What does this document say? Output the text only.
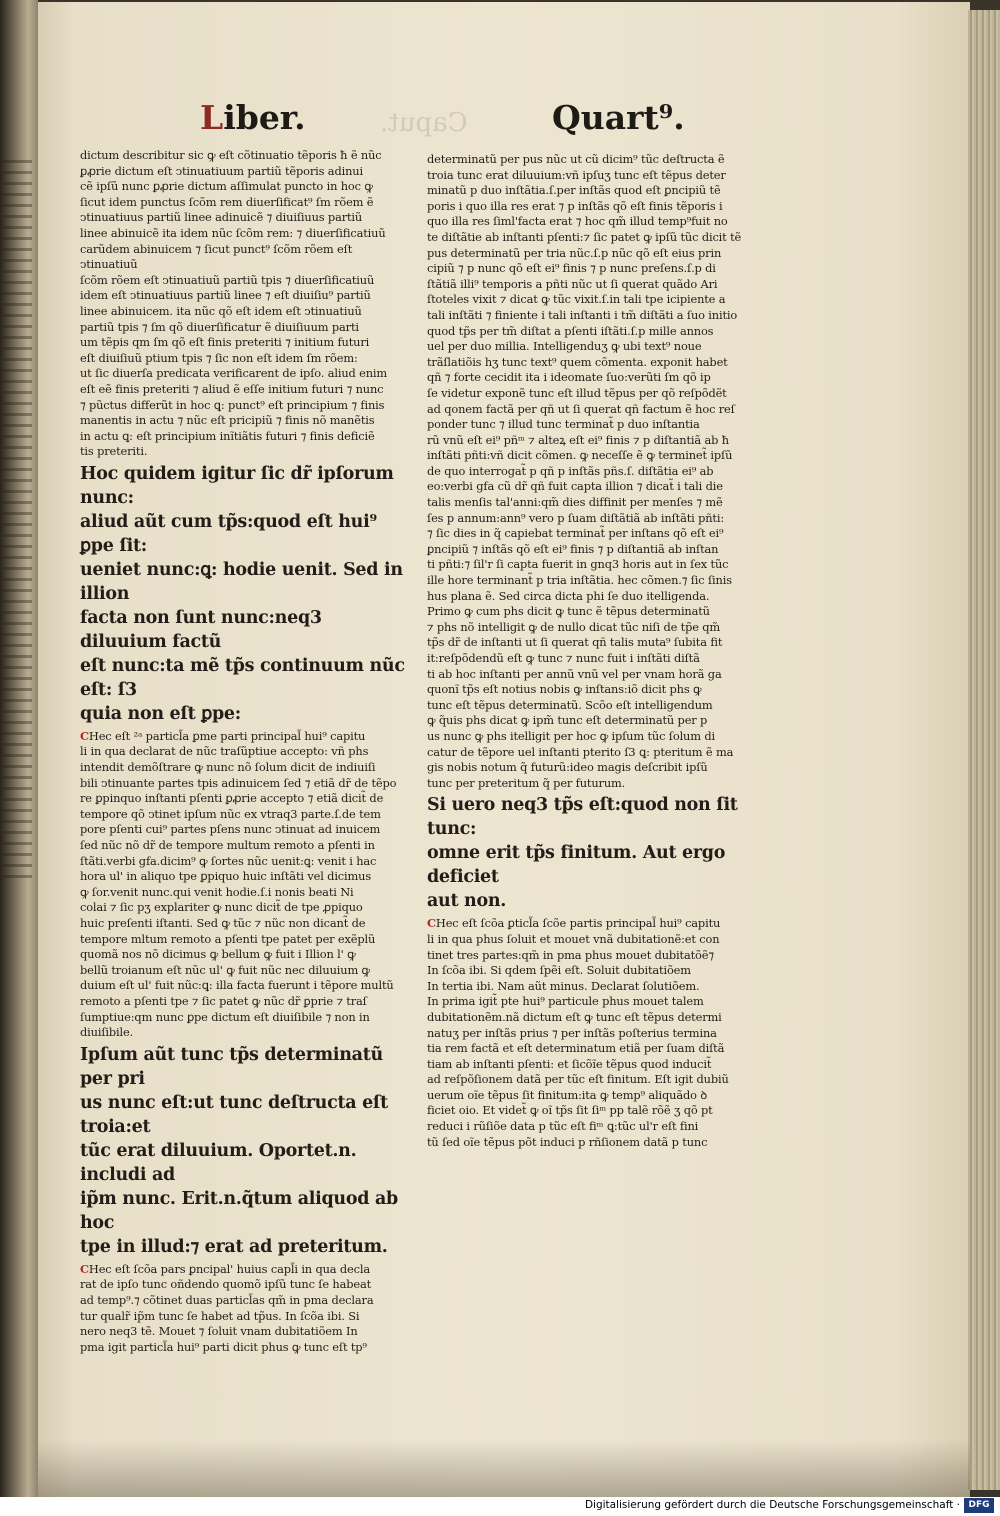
Liber.	Caput.	Quart⁹.

dictum describitur sic ꝙ eſt cõtinuatio tẽporis ħ ẽ nũc
ꝑꝓrie dictum eſt ↄtinuatiuum partiũ tẽporis adinui
cẽ ipſũ nunc ꝑꝓrie dictum aſſimulat puncto in hoc ꝙ
ſicut idem punctus ſcõm rem diuerſificat⁹ ſm rõem ẽ
ↄtinuatiuus partiũ linee adinuicẽ ⁊ diuiſiuus partiũ
linee abinuicẽ ita idem nũc ſcõm rem: ⁊ diuerſificatiuũ
carũdem abinuicem ⁊ ſicut punct⁹ ſcõm rõem eſt ↄtinuatiuũ
ſcõm rõem eſt ↄtinuatiuũ partiũ tpis ⁊ diuerſificatiuũ
idem eſt ↄtinuatiuus partiũ linee ⁊ eſt diuiſiu⁹ partiũ
linee abinuicem. ita nũc qõ eſt idem eſt ↄtinuatiuũ
partiũ tpis ⁊ ſm qõ diuerſificatur ẽ diuiſiuum parti
um tẽpis qm ſm qõ eſt finis preteriti ⁊ initium futuri
eſt diuiſiuũ ptium tpis ⁊ ſic non eſt idem ſm rõem:
ut ſic diuerſa predicata verificarent de ipſo. aliud enim
eſt eẽ finis preteriti ⁊ aliud ẽ eſſe initium futuri ⁊ nunc
⁊ pũctus differũt in hoc ꝗ: punct⁹ eſt principium ⁊ finis
manentis in actu ⁊ nũc eſt pricipiũ ⁊ finis nõ manẽtis
in actu ꝗ: eſt principium inĩtiãtis futuri ⁊ finis deficiẽ
tis preteriti.

Hoc quidem igitur ſic dr̃ ipſorum nunc:
aliud aũt cum tp̃s:quod eſt hui⁹ ꝑpe ſit:
ueniet nunc:ꝗ: hodie uenit. Sed in illion
facta non ſunt nunc:neq3 diluuium factũ
eſt nunc:ta mẽ tp̃s continuum nũc eſt: ſ3
quia non eſt ꝑpe:

CHec eſt ²ᵃ particl̃a ꝑme parti principal̃ hui⁹ capitu
li in qua declarat de nũc traſũptiue accepto: vñ phs
intendit demõſtrare ꝙ nunc nõ ſolum dicit de indiuiſi
bili ↄtinuante partes tpis adinuicem ſed ⁊ etiã dr̃ de tẽpo
re ꝑpinquo inſtanti pſenti ꝑꝓrie accepto ⁊ etiã dicit̃ de
tempore qõ ↄtinet ipſum nũc ex vtraq3 parte.ſ.de tem
pore pſenti cui⁹ partes pſens nunc ↄtinuat ad inuicem
ſed nũc nõ dr̃ de tempore multum remoto a pſenti in
ſtãti.verbi gfa.dicim⁹ ꝙ ſortes nũc uenit:ꝗ: venit i hac
hora ul' in aliquo tpe ꝑpiquo huic inſtãti vel dicimus
ꝙ ſor.venit nunc.qui venit hodie.ſ.i nonis beati Ni
colai ⁊ ſic pʒ explariter ꝙ nunc dicit̃ de tpe ꝓpiquo
huic preſenti iſtanti. Sed ꝙ tũc ⁊ nũc non dicant̃ de
tempore mltum remoto a pſenti tpe patet per exẽplũ
quomã nos nõ dicimus ꝙ bellum ꝙ fuit i Illion l' ꝙ
bellũ troianum eſt nũc ul' ꝙ fuit nũc nec diluuium ꝙ
duium eſt ul' fuit nũc:ꝗ: illa facta fuerunt i tẽpore multũ
remoto a pſenti tpe ⁊ ſic patet ꝙ nũc dr̃ ꝑprie ⁊ traſ
ſumptiue:qm nunc ꝑpe dictum eſt diuiſibile ⁊ non in
diuiſibile.

Ipſum aũt tunc tp̃s determinatũ per pri
us nunc eſt:ut tunc deſtructa eſt troia:et
tũc erat diluuium. Oportet.n. includi ad
ip̃m nunc. Erit.n.q̃tum aliquod ab hoc
tpe in illud:⁊ erat ad preteritum.

CHec eſt ſcõa pars ꝑncipal' huius capl̃i in qua decla
rat de ipſo tunc oñdendo quomõ ipſũ tunc ſe habeat
ad temp⁹.⁊ cõtinet duas particl̃as qm̃ in pma declara
tur qualr̃ ip̃m tunc ſe habet ad tp̃us. In ſcõa ibi. Si
nero neq3 tẽ. Mouet ⁊ ſoluit vnam dubitatiõem In
pma igit particl̃a hui⁹ parti dicit phus ꝙ tunc eſt tp⁹

determinatũ per pus nũc ut cũ dicim⁹ tũc deſtructa ẽ
troia tunc erat diluuium:vñ ipſuʒ tunc eſt tẽpus deter
minatũ p duo inſtãtia.ſ.per inſtãs quod eſt ꝑncipiũ tẽ
poris i quo illa res erat ⁊ p inſtãs qõ eſt finis tẽporis i
quo illa res ſiml'facta erat ⁊ hoc qm̃ illud temp⁹fuit no
te diſtãtie ab inſtanti pſenti:⁊ ſic patet ꝙ ipſũ tũc dicit tẽ
pus determinatũ per tria nũc.ſ.p nũc qõ eſt eius prin
cipiũ ⁊ p nunc qõ eſt ei⁹ finis ⁊ p nunc preſens.ſ.p di
ſtãtiã illi⁹ temporis a pñti nũc ut ſi querat quãdo Ari
ſtoteles vixit ⁊ dicat ꝙ tũc vixit.ſ.in tali tpe icipiente a
tali inſtãti ⁊ finiente i tali inſtanti i tm̃ diſtãti a ſuo initio
quod tp̃s per tm̃ diſtat a pſenti iſtãti.ſ.p mille annos
uel per duo millia. Intelligenduʒ ꝙ ubi text⁹ noue
trãſlatiõis hʒ tunc text⁹ quem cõmenta. exponit habet
qñ ⁊ forte cecidit ita i ideomate ſuo:verũti ſm qõ ip
ſe videtur exponẽ tunc eſt illud tẽpus per qõ reſpõdẽt
ad qonem factã per qñ ut ſi querat qñ factum ẽ hoc reſ
ponder tunc ⁊ illud tunc terminat̃ p duo inſtantia
rũ vnũ eſt ei⁹ pñᵐ ⁊ alteꝝ eſt ei⁹ finis ⁊ p diſtantiã ab ħ
inſtãti pñti:vñ dicit cõmen. ꝙ neceſſe ẽ ꝙ terminet̃ ipſũ
de quo interrogat̃ p qñ p inſtãs pñs.ſ. diſtãtia ei⁹ ab
eo:verbi gfa cũ dr̃ qñ fuit capta illion ⁊ dicat̃ i tali die
talis menſis tal'anni:qm̃ dies diffinit per menſes ⁊ mẽ
ſes p annum:ann⁹ vero p ſuam diſtãtiã ab inſtãti pñti:
⁊ ſic dies in q̃ capiebat terminat̃ per inſtans qõ eſt ei⁹
ꝑncipiũ ⁊ inſtãs qõ eſt ei⁹ finis ⁊ p diſtantiã ab inſtan
ti pñti:⁊ ſil'r ſi capta fuerit in gnq3 horis aut in ſex tũc
ille hore terminant̃ p tria inſtãtia. hec cõmen.⁊ ſic ſinis
hus plana ẽ. Sed circa dicta phi ſe duo itelligenda.
Primo ꝙ cum phs dicit ꝙ tunc ẽ tẽpus determinatũ
⁊ phs nõ intelligit ꝙ de nullo dicat tũc niſi de tp̃e qm̃
tp̃s dr̃ de inſtanti ut ſi querat qñ talis muta⁹ ſubita fit
it:reſpõdendũ eſt ꝙ tunc ⁊ nunc fuit i inſtãti diſtã
ti ab hoc inſtanti per annũ vnũ vel per vnam horã ga
quonĩ tp̃s eſt notius nobis ꝙ inſtans:iõ dicit phs ꝙ
tunc eſt tẽpus determinatũ. Scõo eſt intelligendum
ꝙ q̃uis phs dicat ꝙ ipm̃ tunc eſt determinatũ per p
us nunc ꝙ phs itelligit per hoc ꝙ ipſum tũc ſolum di
catur de tẽpore uel inſtanti pterito ſ3 ꝗ: pteritum ẽ ma
gis nobis notum q̃ futurũ:ideo magis deſcribit ipſũ
tunc per preteritum q̃ per futurum.

Si uero neq3 tp̃s eſt:quod non ſit tunc:
omne erit tp̃s finitum. Aut ergo deficiet
aut non.

CHec eſt ſcõa ꝑticl̃a ſcõe partis principal̃ hui⁹ capitu
li in qua phus ſoluit et mouet vnã dubitationẽ:et con
tinet tres partes:qm̃ in pma phus mouet dubitatõẽ⁊
In ſcõa ibi. Si qdem ſpẽi eſt. Soluit dubitatiõem
In tertia ibi. Nam aũt minus. Declarat ſolutiõem.
In prima igit̃ pte hui⁹ particule phus mouet talem
dubitationẽm.nã dictum eſt ꝙ tunc eſt tẽpus determi
natuʒ per inſtãs prius ⁊ per inſtãs poſterius termina
tia rem factã et eſt determinatum etiã per ſuam diſtã
tiam ab inſtanti pſenti: et ſicõĩe tẽpus quod inducit̃
ad reſpõſionem datã per tũc eſt finitum. Eſt igit dubiũ
uerum oĩe tẽpus ſit finitum:ita ꝙ temp⁹ aliquãdo ꝺ
ficiet oio. Et videt̃ ꝙ oĩ tp̃s ſit ſiᵐ pp talẽ rõẽ ʒ qõ pt
reduci i rũſiõe data p tũc eſt fiᵐ ꝗ:tũc ul'r eſt fini
tũ ſed oĩe tẽpus põt induci p rñſionem datã p tunc

Digitalisierung gefördert durch die Deutsche Forschungsgemeinschaft · DFG
